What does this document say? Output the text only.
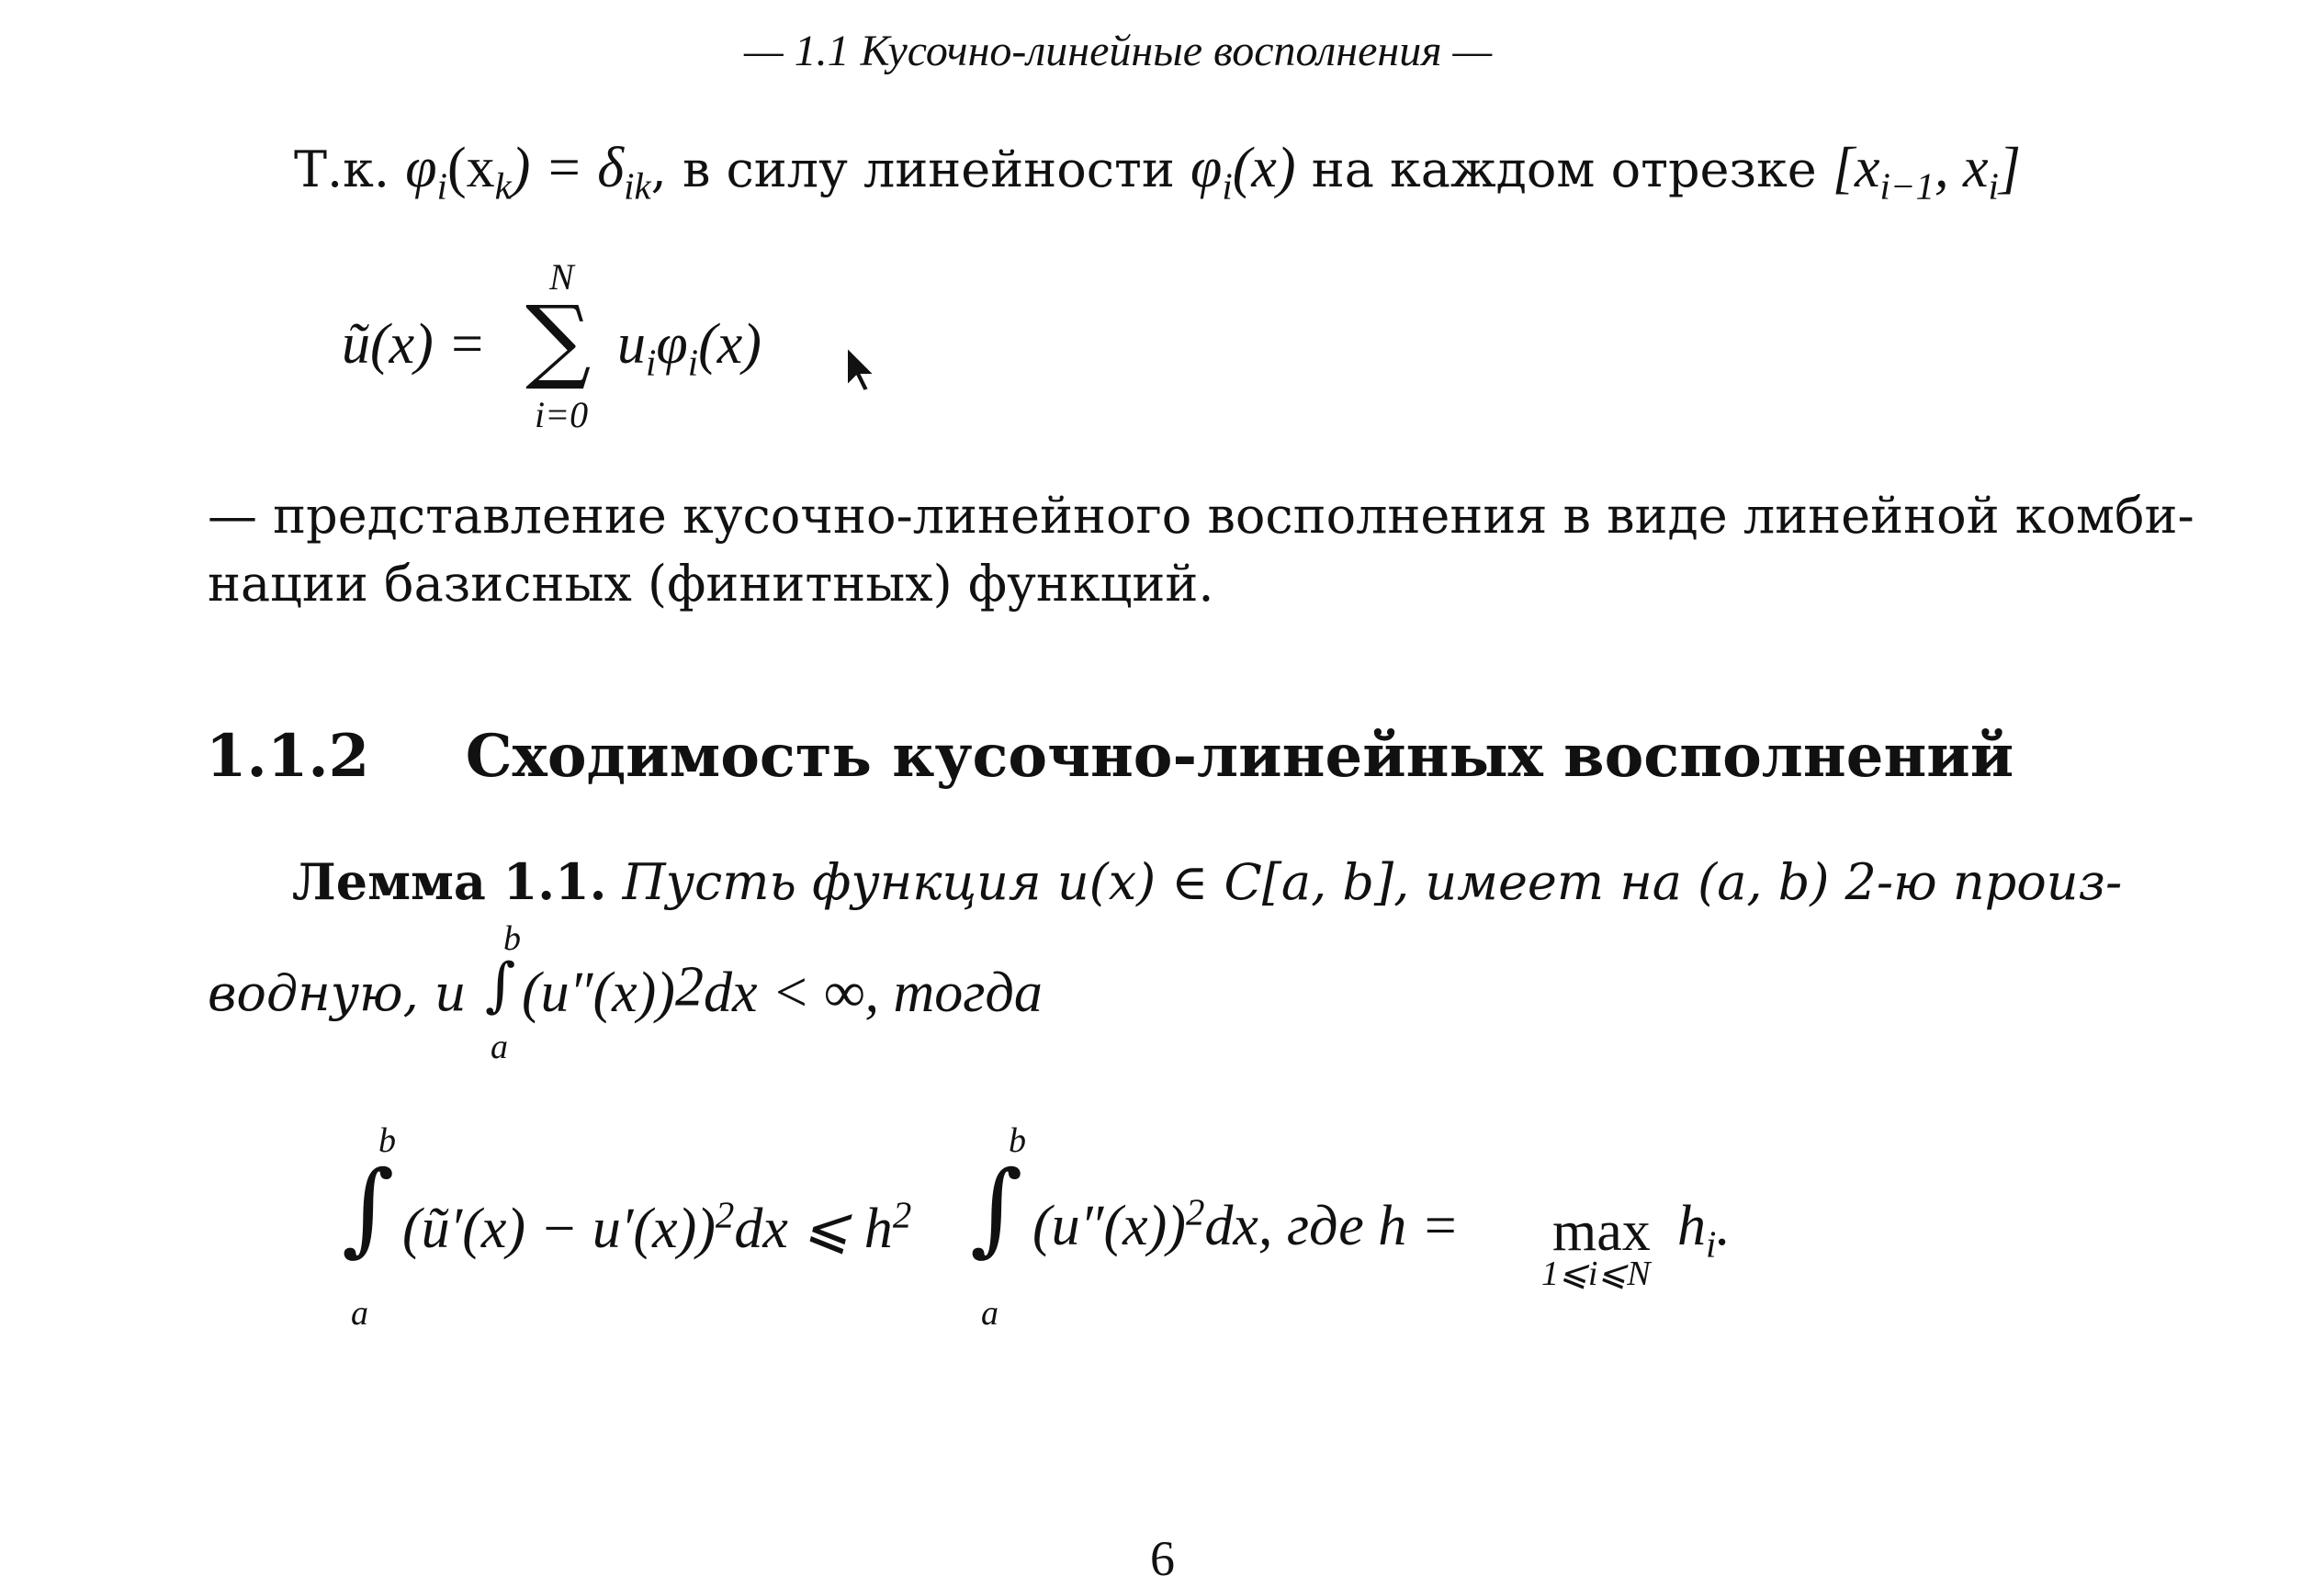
— 1.1 Кусочно-линейные восполнения —
Т.к. $\varphi_i(x_k) = \delta_{ik}$, в силу линейности $\varphi_i(x)$ на каждом отрезке [$x_{i-1}$, $x_i$]
ũ(x) =
N
∑
i=0
$u_i\varphi_i(x)$
— представление кусочно-линейного восполнения в виде линейной комби-
нации базисных (финитных) функций.
1.1.2 Сходимость кусочно-линейных восполнений
Лемма 1.1. Пусть функция u(x) ∈ C[a, b], имеет на (a, b) 2-ю произ-
водную, и
b
∫
a
$(u''(x))^2dx$ < ∞, тогда
b
∫
a
(ũ′(x) − u′(x))$^2$dx ⩽ $h^2$
b
∫
a
$(u''(x))^2dx$, где h = max
1⩽i⩽N
$h_i$.
6
